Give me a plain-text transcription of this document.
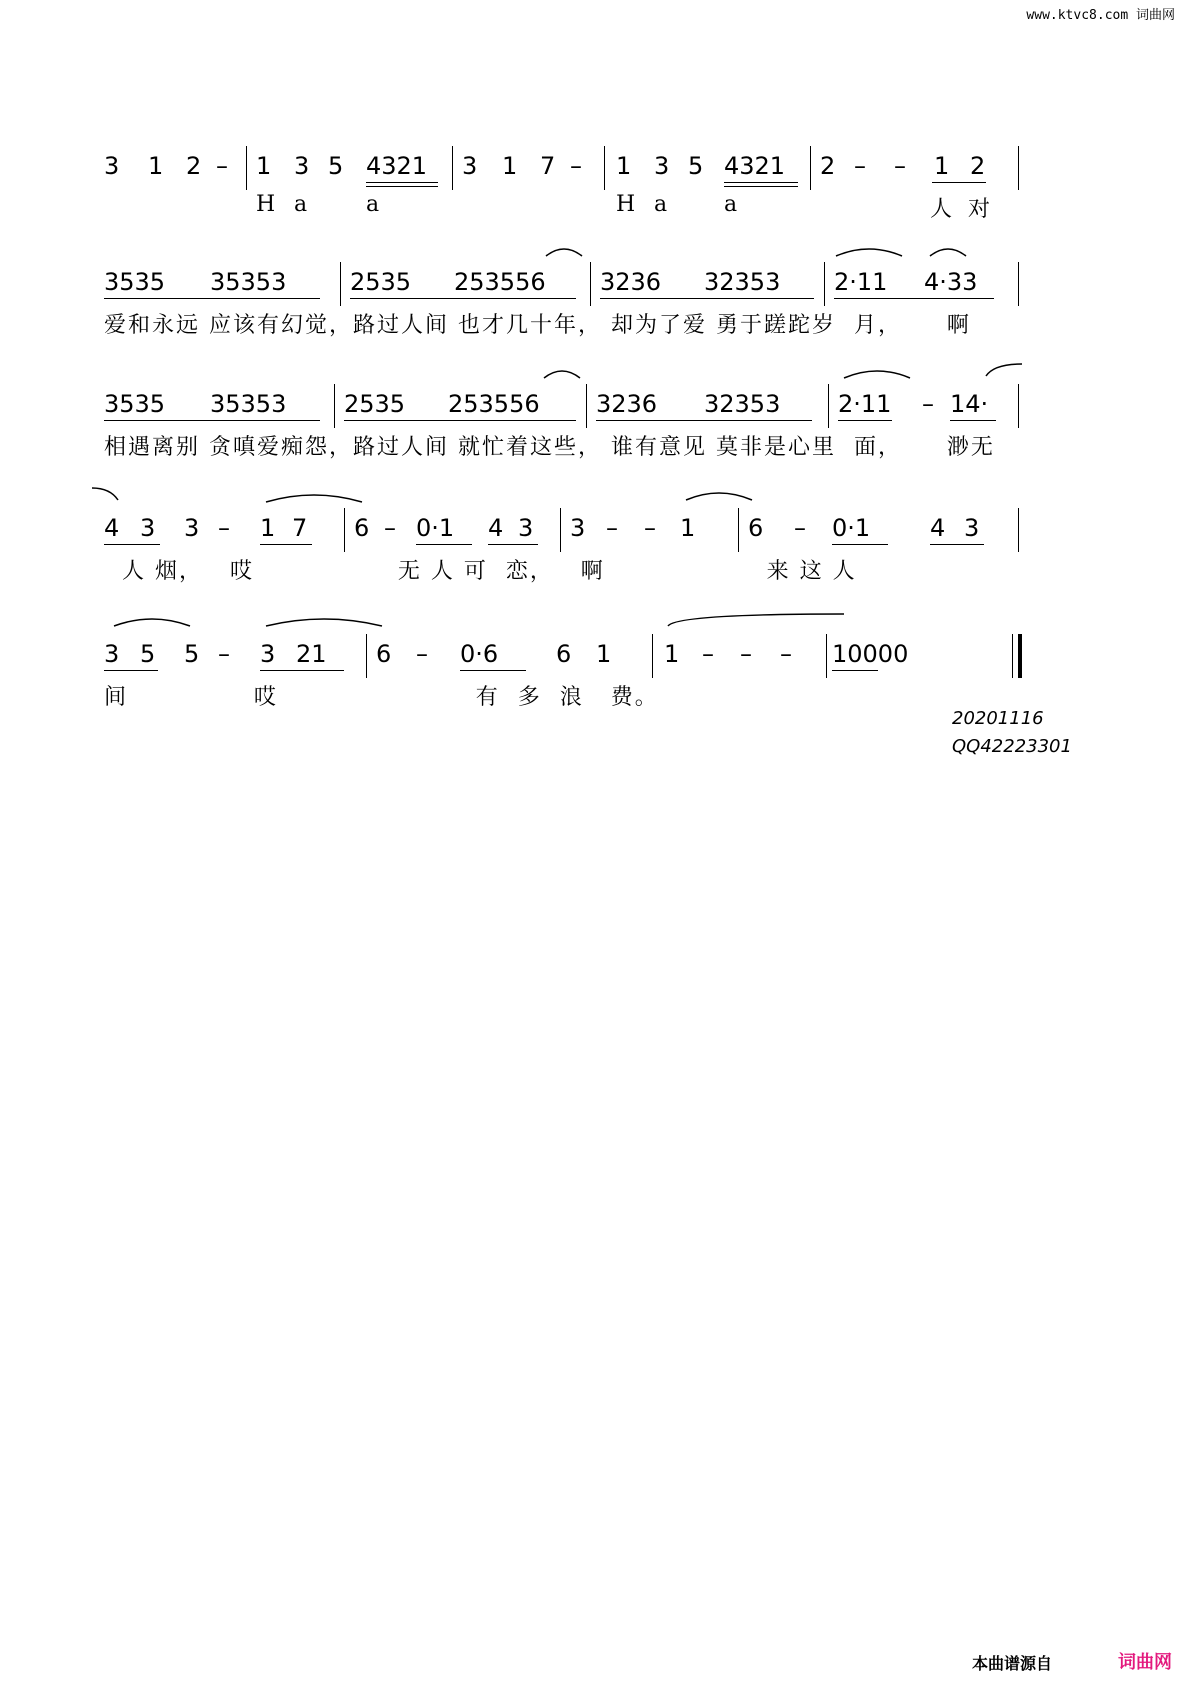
www.ktvc8.com 词曲网
3 1 2 – 1 3 5 4321 3 1 7 – 1 3 5 4321 2 – – 1 2

H

a

	a

	H

a

a

	人

对

3535 35353	2535 253556 3236 32353 2·11 4·33
爱和永远 应该有幻觉，路过人间 也才几十年， 却为了爱 勇于蹉跎岁  月，     啊
3535 35353 2535 253556 3236 32353 2·11 – 14·
相遇离别 贪嗔爱痴怨，路过人间 就忙着这些， 谁有意见 莫非是心里  面，     渺无
4 3 3 – 1 7 6 – 0·1 4 3 3 – – 1 6 – 0·1 4 3
人 烟，   哎                无 人 可  恋，   啊                  来 这 人
3 5 5 – 3 21 6 – 0·6 6 1 1 – – – 10000
间              哎                      有  多  浪   费。
20201116
QQ42223301
本曲谱源自	词曲网
